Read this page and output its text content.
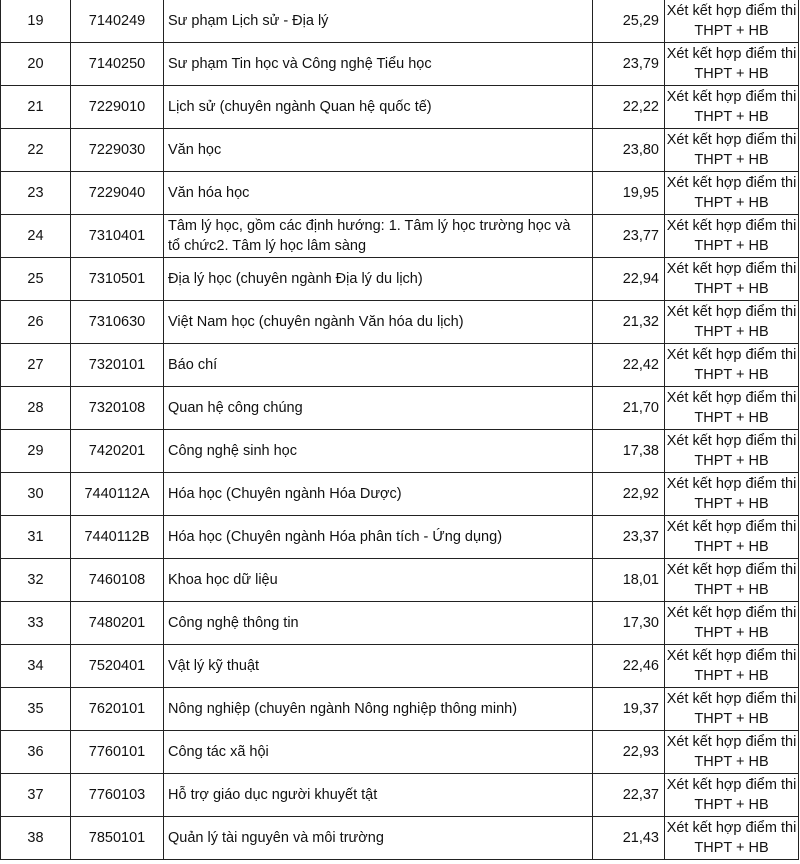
19	7140249	Sư phạm Lịch sử - Địa lý	25,29	Xét kết hợp điểm thi THPT + HB
20	7140250	Sư phạm Tin học và Công nghệ Tiểu học	23,79	Xét kết hợp điểm thi THPT + HB
21	7229010	Lịch sử (chuyên ngành Quan hệ quốc tế)	22,22	Xét kết hợp điểm thi THPT + HB
22	7229030	Văn học	23,80	Xét kết hợp điểm thi THPT + HB
23	7229040	Văn hóa học	19,95	Xét kết hợp điểm thi THPT + HB
24	7310401	Tâm lý học, gồm các định hướng: 1. Tâm lý học trường học và tổ chức2. Tâm lý học lâm sàng	23,77	Xét kết hợp điểm thi THPT + HB
25	7310501	Địa lý học (chuyên ngành Địa lý du lịch)	22,94	Xét kết hợp điểm thi THPT + HB
26	7310630	Việt Nam học (chuyên ngành Văn hóa du lịch)	21,32	Xét kết hợp điểm thi THPT + HB
27	7320101	Báo chí	22,42	Xét kết hợp điểm thi THPT + HB
28	7320108	Quan hệ công chúng	21,70	Xét kết hợp điểm thi THPT + HB
29	7420201	Công nghệ sinh học	17,38	Xét kết hợp điểm thi THPT + HB
30	7440112A	Hóa học (Chuyên ngành Hóa Dược)	22,92	Xét kết hợp điểm thi THPT + HB
31	7440112B	Hóa học (Chuyên ngành Hóa phân tích - Ứng dụng)	23,37	Xét kết hợp điểm thi THPT + HB
32	7460108	Khoa học dữ liệu	18,01	Xét kết hợp điểm thi THPT + HB
33	7480201	Công nghệ thông tin	17,30	Xét kết hợp điểm thi THPT + HB
34	7520401	Vật lý kỹ thuật	22,46	Xét kết hợp điểm thi THPT + HB
35	7620101	Nông nghiệp (chuyên ngành Nông nghiệp thông minh)	19,37	Xét kết hợp điểm thi THPT + HB
36	7760101	Công tác xã hội	22,93	Xét kết hợp điểm thi THPT + HB
37	7760103	Hỗ trợ giáo dục người khuyết tật	22,37	Xét kết hợp điểm thi THPT + HB
38	7850101	Quản lý tài nguyên và môi trường	21,43	Xét kết hợp điểm thi THPT + HB
